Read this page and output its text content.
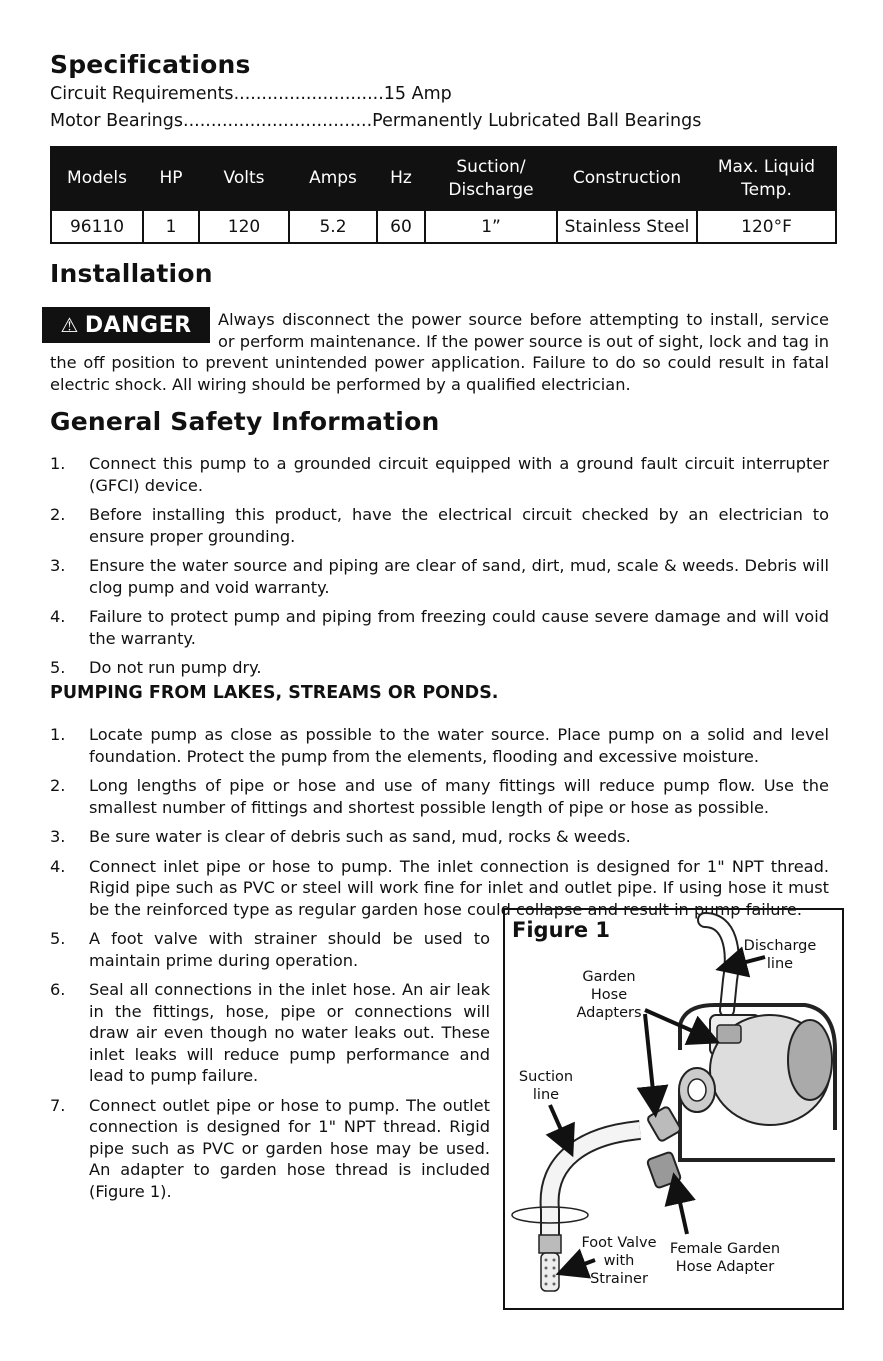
Specifications
Circuit Requirements...........................15 Amp
Motor Bearings..................................Permanently Lubricated Ball Bearings
Models	HP	Volts	Amps	Hz	Suction/ Discharge	Construction	Max. Liquid Temp.
96110	1	120	5.2	60	1”	Stainless Steel	120°F
Installation
⚠ DANGER	Always disconnect the power source before attempting to install, service or perform maintenance. If the power source is out of sight, lock and tag in the off position to prevent unintended power application. Failure to do so could result in fatal electric shock. All wiring should be performed by a qualified electrician.
General Safety Information
1. Connect this pump to a grounded circuit equipped with a ground fault circuit interrupter (GFCI) device.
2. Before installing this product, have the electrical circuit checked by an electrician to ensure proper grounding.
3. Ensure the water source and piping are clear of sand, dirt, mud, scale & weeds. Debris will clog pump and void warranty.
4. Failure to protect pump and piping from freezing could cause severe damage and will void the warranty.
5. Do not run pump dry.
PUMPING FROM LAKES, STREAMS OR PONDS.
1. Locate pump as close as possible to the water source. Place pump on a solid and level foundation. Protect the pump from the elements, flooding and excessive moisture.
2. Long lengths of pipe or hose and use of many fittings will reduce pump flow. Use the smallest number of fittings and shortest possible length of pipe or hose as possible.
3. Be sure water is clear of debris such as sand, mud, rocks & weeds.
4. Connect inlet pipe or hose to pump. The inlet connection is designed for 1" NPT thread. Rigid pipe such as PVC or steel will work fine for inlet and outlet pipe. If using hose it must be the reinforced type as regular garden hose could collapse and result in pump failure.
5. A foot valve with strainer should be used to maintain prime during operation.
6. Seal all connections in the inlet hose. An air leak in the fittings, hose, pipe or connections will draw air even though no water leaks out. These inlet leaks will reduce pump performance and lead to pump failure.
7. Connect outlet pipe or hose to pump. The outlet connection is designed for 1" NPT thread. Rigid pipe such as PVC or garden hose may be used. An adapter to garden hose thread is included (Figure 1).
Figure 1
Discharge line
Garden Hose Adapters
Suction line
Foot Valve with Strainer
Female Garden Hose Adapter
